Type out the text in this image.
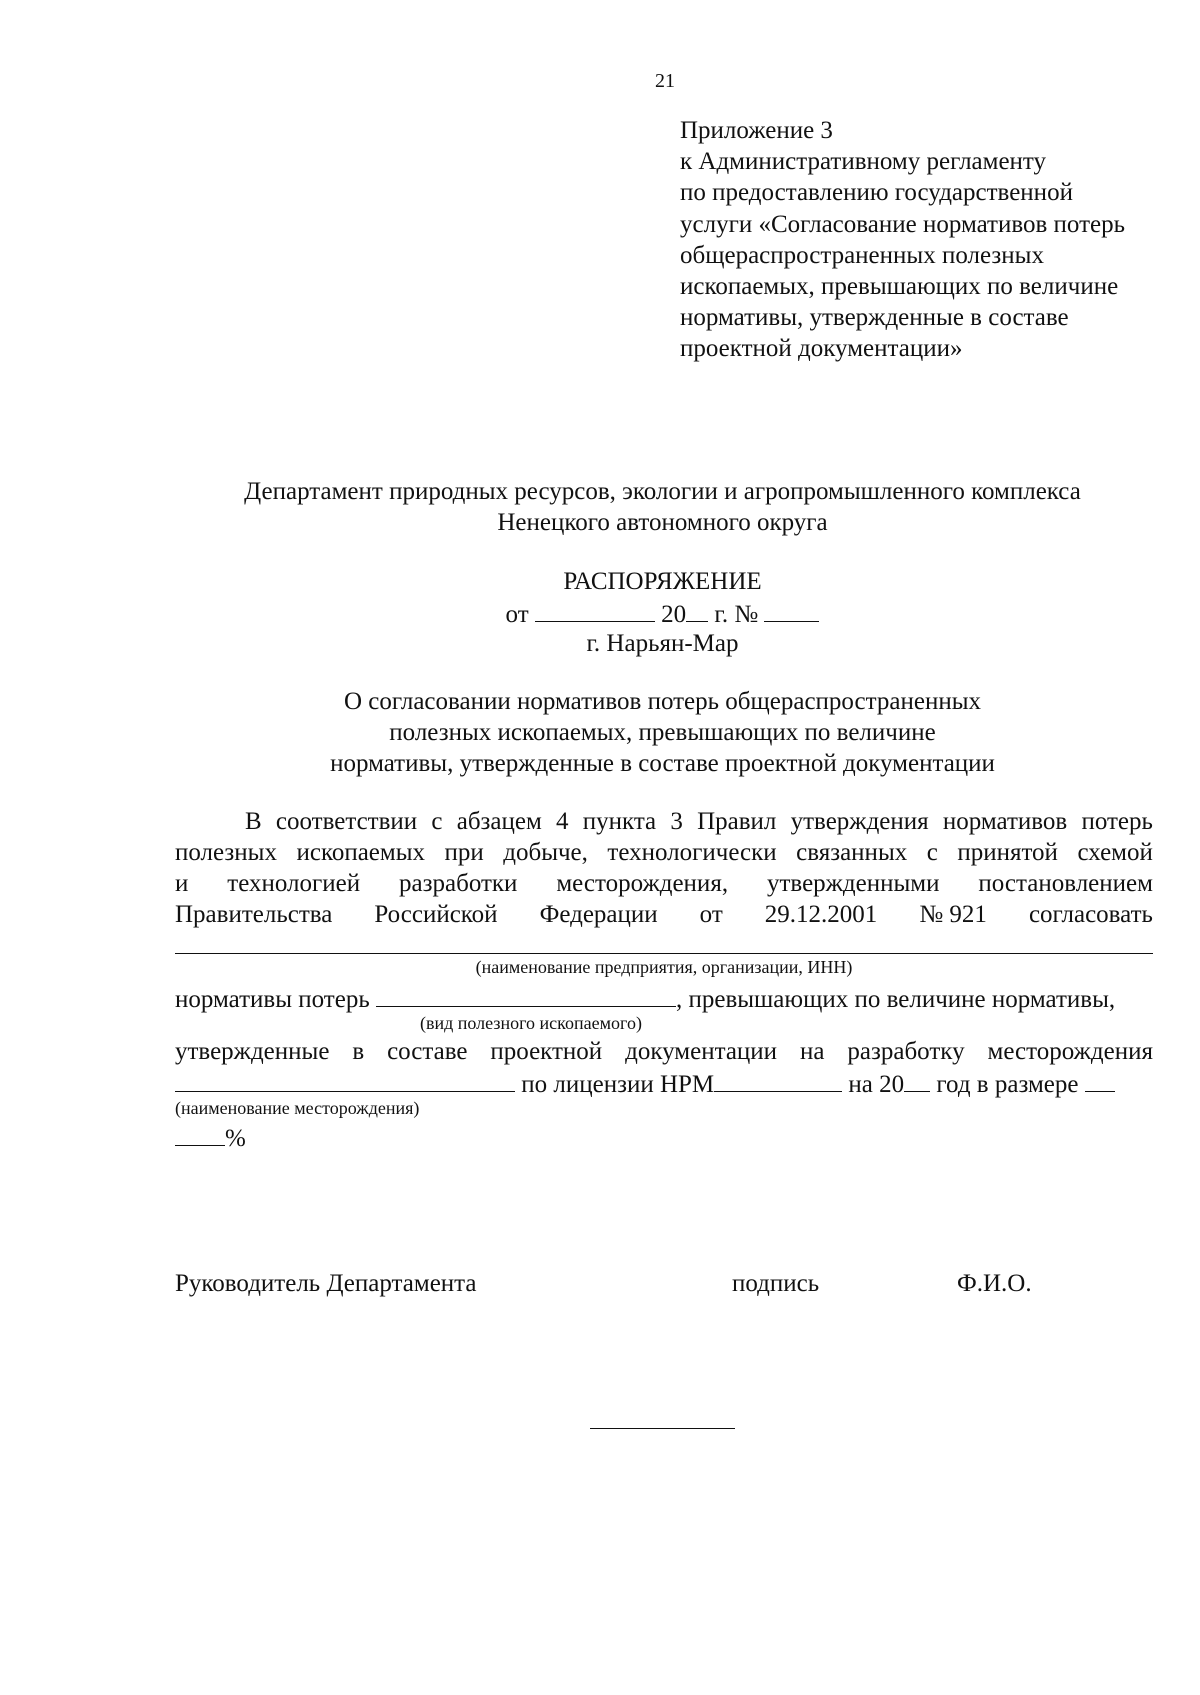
21
Приложение 3
к Административному регламенту
по предоставлению государственной
услуги «Согласование нормативов потерь
общераспространенных полезных
ископаемых, превышающих по величине
нормативы, утвержденные в составе
проектной документации»
Департамент природных ресурсов, экологии и агропромышленного комплекса
Ненецкого автономного округа
РАСПОРЯЖЕНИЕ
от	20 г. №
г. Нарьян-Мар
О согласовании нормативов потерь общераспространенных
полезных ископаемых, превышающих по величине
нормативы, утвержденные в составе проектной документации
В соответствии с абзацем 4 пункта 3 Правил утверждения нормативов потерь
полезных ископаемых при добыче, технологически связанных с принятой схемой
и технологией разработки месторождения, утвержденными постановлением
Правительства Российской Федерации от 29.12.2001 № 921 согласовать
(наименование предприятия, организации, ИНН)
нормативы потерь	, превышающих по величине нормативы,
(вид полезного ископаемого)
утвержденные в составе проектной документации на разработку месторождения
по лицензии НРМ	на 20 год в размере
(наименование месторождения)
%
Руководитель Департамента	подпись	Ф.И.О.
